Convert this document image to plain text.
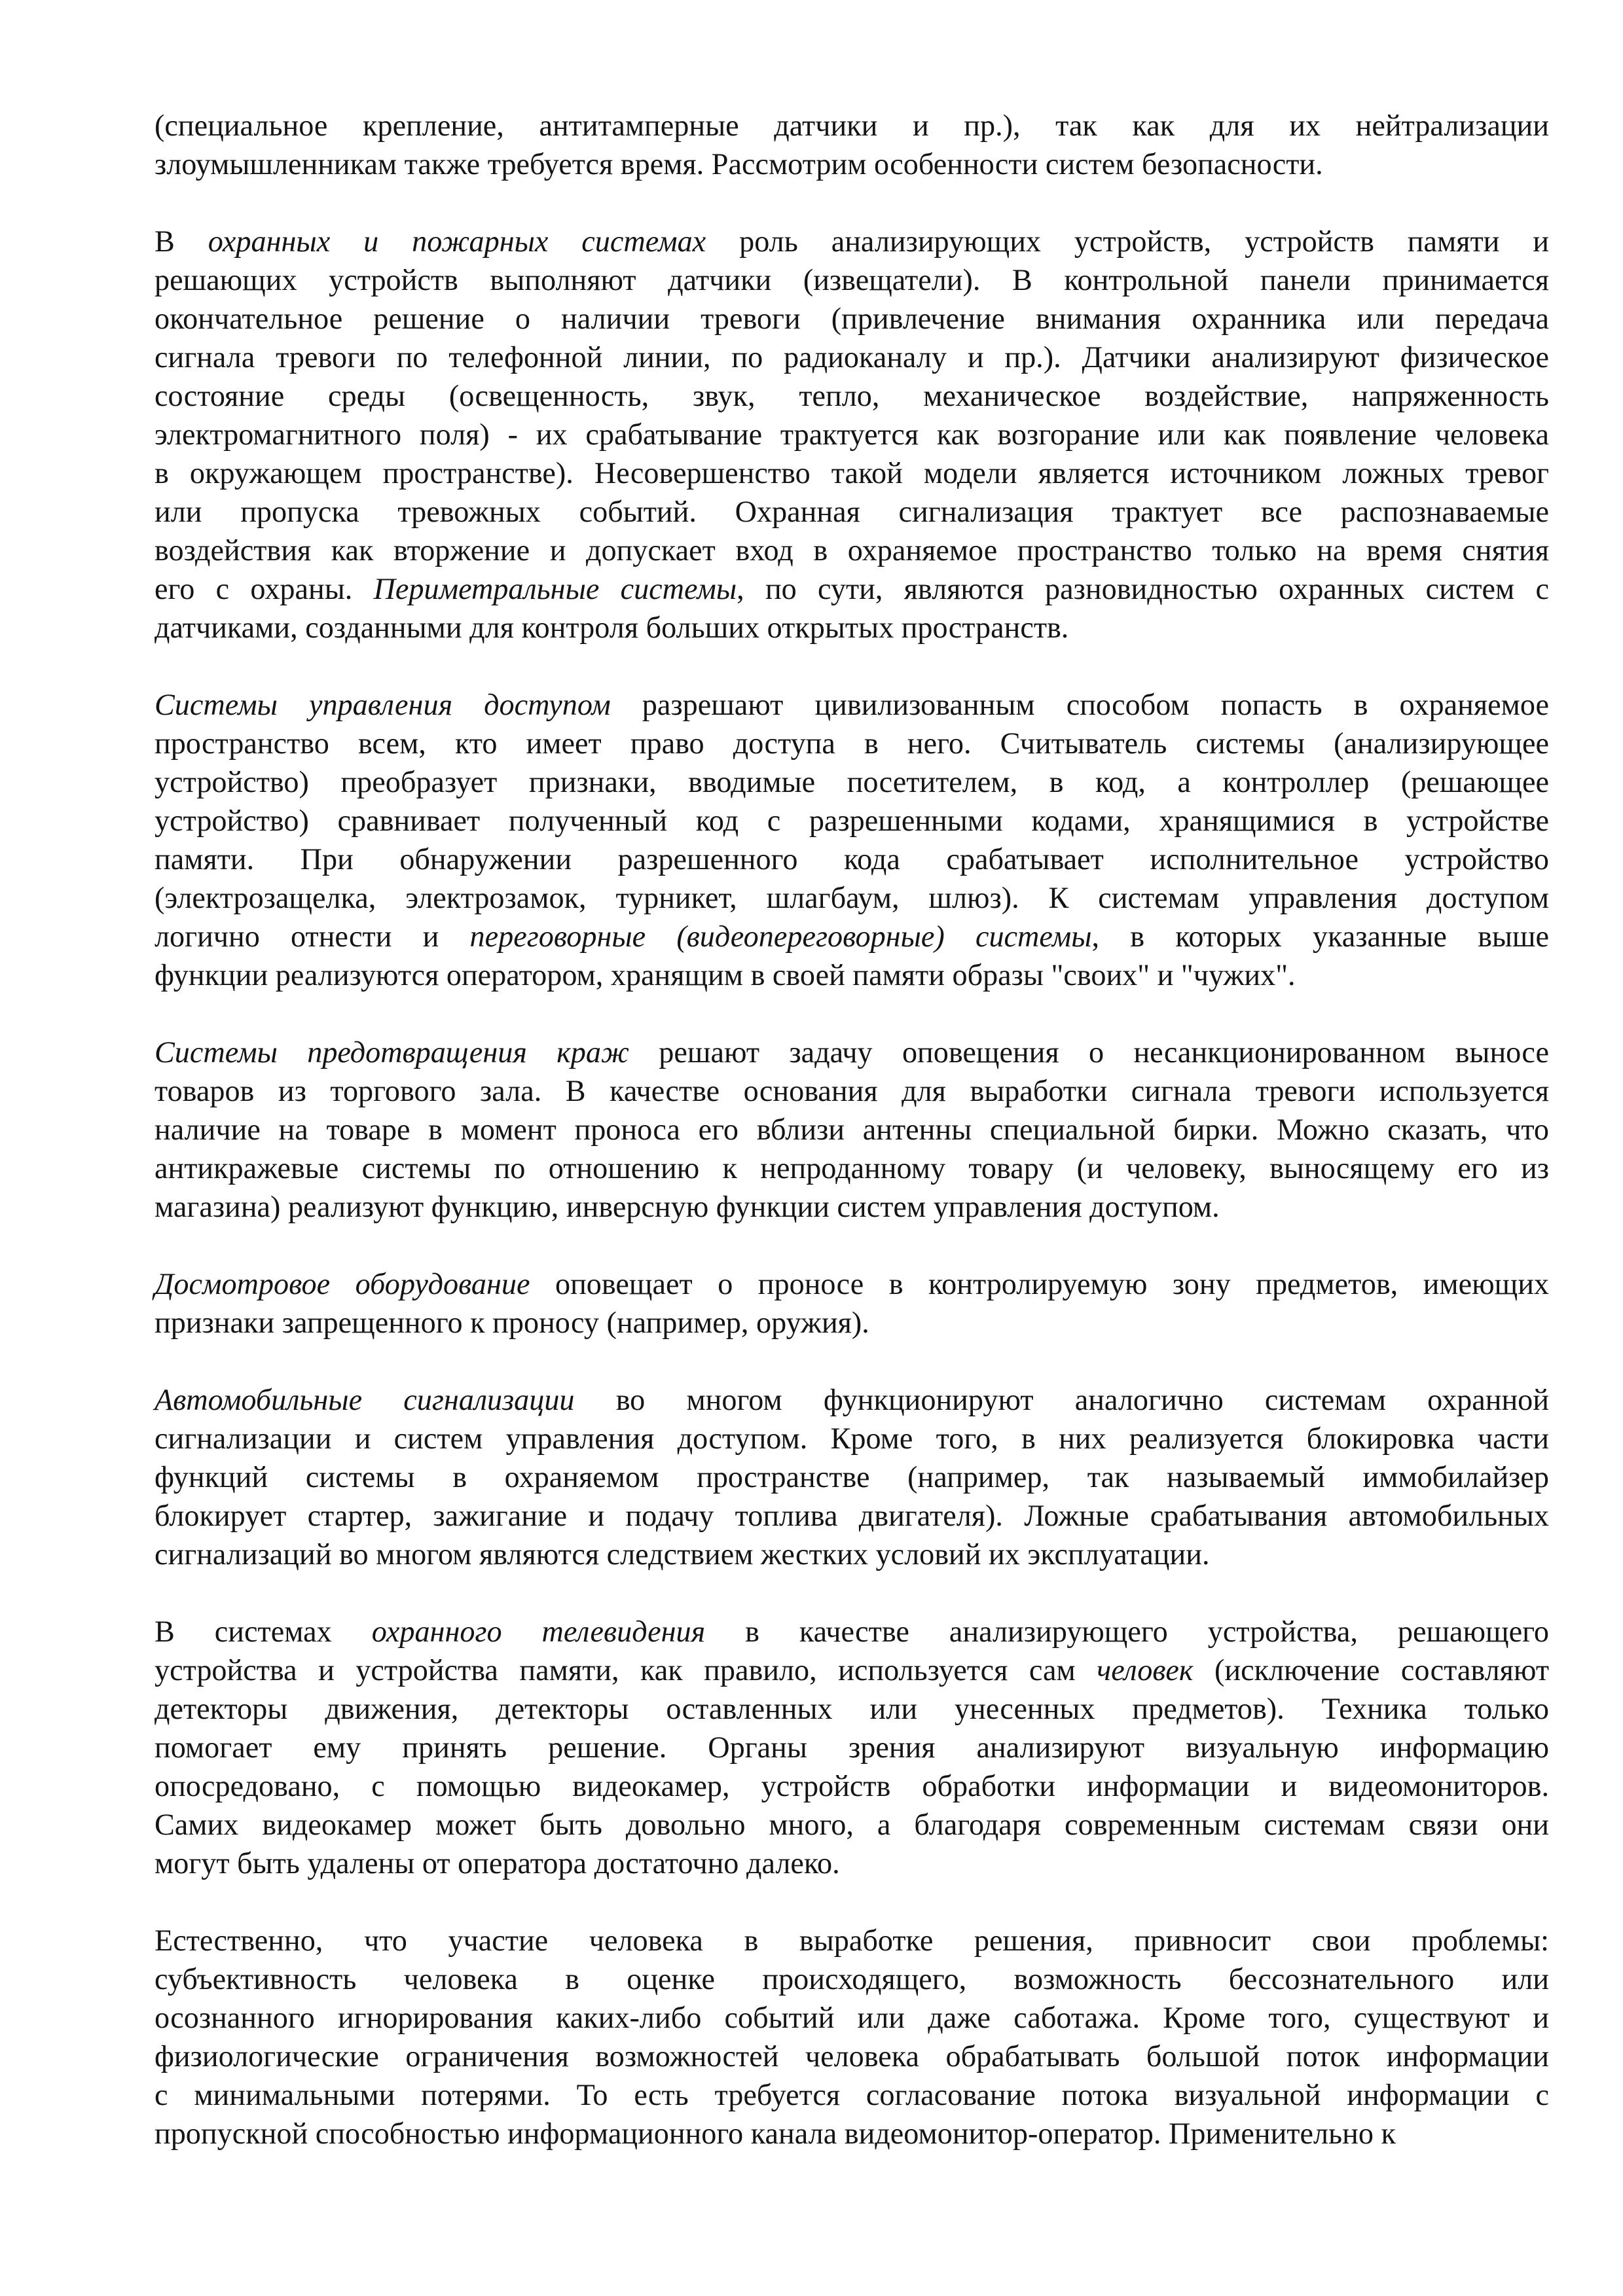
(специальное крепление, антитамперные датчики и пр.), так как для их нейтрализации
злоумышленникам также требуется время. Рассмотрим особенности систем безопасности.

В охранных и пожарных системах роль анализирующих устройств, устройств памяти и
решающих устройств выполняют датчики (извещатели). В контрольной панели принимается
окончательное решение о наличии тревоги (привлечение внимания охранника или передача
сигнала тревоги по телефонной линии, по радиоканалу и пр.). Датчики анализируют физическое
состояние среды (освещенность, звук, тепло, механическое воздействие, напряженность
электромагнитного поля) - их срабатывание трактуется как возгорание или как появление человека
в окружающем пространстве). Несовершенство такой модели является источником ложных тревог
или пропуска тревожных событий. Охранная сигнализация трактует все распознаваемые
воздействия как вторжение и допускает вход в охраняемое пространство только на время снятия
его с охраны. Периметральные системы, по сути, являются разновидностью охранных систем с
датчиками, созданными для контроля больших открытых пространств.

Системы управления доступом разрешают цивилизованным способом попасть в охраняемое
пространство всем, кто имеет право доступа в него. Считыватель системы (анализирующее
устройство) преобразует признаки, вводимые посетителем, в код, а контроллер (решающее
устройство) сравнивает полученный код с разрешенными кодами, хранящимися в устройстве
памяти. При обнаружении разрешенного кода срабатывает исполнительное устройство
(электрозащелка, электрозамок, турникет, шлагбаум, шлюз). К системам управления доступом
логично отнести и переговорные (видеопереговорные) системы, в которых указанные выше
функции реализуются оператором, хранящим в своей памяти образы "своих" и "чужих".

Системы предотвращения краж решают задачу оповещения о несанкционированном выносе
товаров из торгового зала. В качестве основания для выработки сигнала тревоги используется
наличие на товаре в момент проноса его вблизи антенны специальной бирки. Можно сказать, что
антикражевые системы по отношению к непроданному товару (и человеку, выносящему его из
магазина) реализуют функцию, инверсную функции систем управления доступом.

Досмотровое оборудование оповещает о проносе в контролируемую зону предметов, имеющих
признаки запрещенного к проносу (например, оружия).

Автомобильные сигнализации во многом функционируют аналогично системам охранной
сигнализации и систем управления доступом. Кроме того, в них реализуется блокировка части
функций системы в охраняемом пространстве (например, так называемый иммобилайзер
блокирует стартер, зажигание и подачу топлива двигателя). Ложные срабатывания автомобильных
сигнализаций во многом являются следствием жестких условий их эксплуатации.

В системах охранного телевидения в качестве анализирующего устройства, решающего
устройства и устройства памяти, как правило, используется сам человек (исключение составляют
детекторы движения, детекторы оставленных или унесенных предметов). Техника только
помогает ему принять решение. Органы зрения анализируют визуальную информацию
опосредовано, с помощью видеокамер, устройств обработки информации и видеомониторов.
Самих видеокамер может быть довольно много, а благодаря современным системам связи они
могут быть удалены от оператора достаточно далеко.

Естественно, что участие человека в выработке решения, привносит свои проблемы:
субъективность человека в оценке происходящего, возможность бессознательного или
осознанного игнорирования каких-либо событий или даже саботажа. Кроме того, существуют и
физиологические ограничения возможностей человека обрабатывать большой поток информации
с минимальными потерями. То есть требуется согласование потока визуальной информации с
пропускной способностью информационного канала видеомонитор-оператор. Применительно к
